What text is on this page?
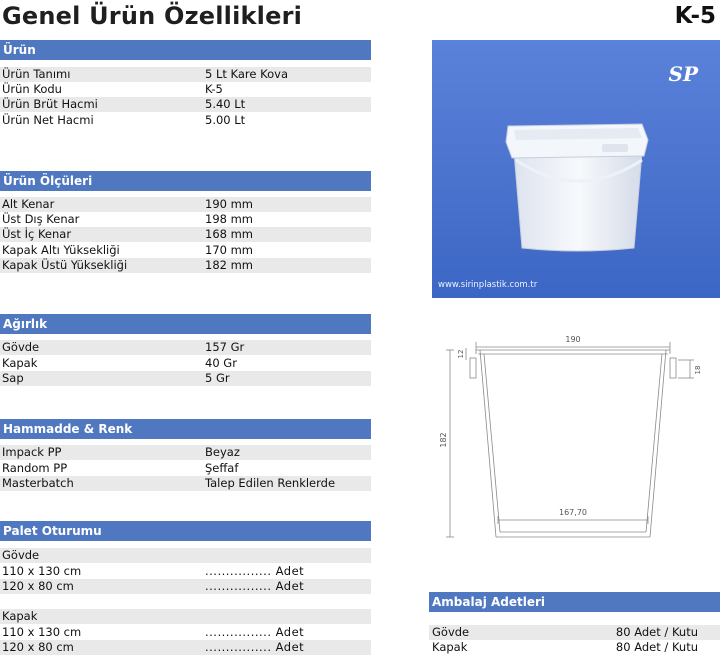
Genel Ürün Özellikleri	K-5
Ürün
Ürün Tanımı	5 Lt Kare Kova
Ürün Kodu	K-5
Ürün Brüt Hacmi	5.40 Lt
Ürün Net Hacmi	5.00 Lt
Ürün Ölçüleri
Alt Kenar	190 mm
Üst Dış Kenar	198 mm
Üst İç Kenar	168 mm
Kapak Altı Yüksekliği	170 mm
Kapak Üstü Yüksekliği	182 mm
Ağırlık
Gövde	157 Gr
Kapak	40 Gr
Sap	5 Gr
Hammadde & Renk
Impack PP	Beyaz
Random PP	Şeffaf
Masterbatch	Talep Edilen Renklerde
Palet Oturumu
Gövde
110 x 130 cm	................ Adet
120 x 80 cm	................ Adet
Kapak
110 x 130 cm	................ Adet
120 x 80 cm	................ Adet
SP
www.sirinplastik.com.tr
190
167,70
182
12
18
Ambalaj Adetleri
Gövde	80 Adet / Kutu
Kapak	80 Adet / Kutu
